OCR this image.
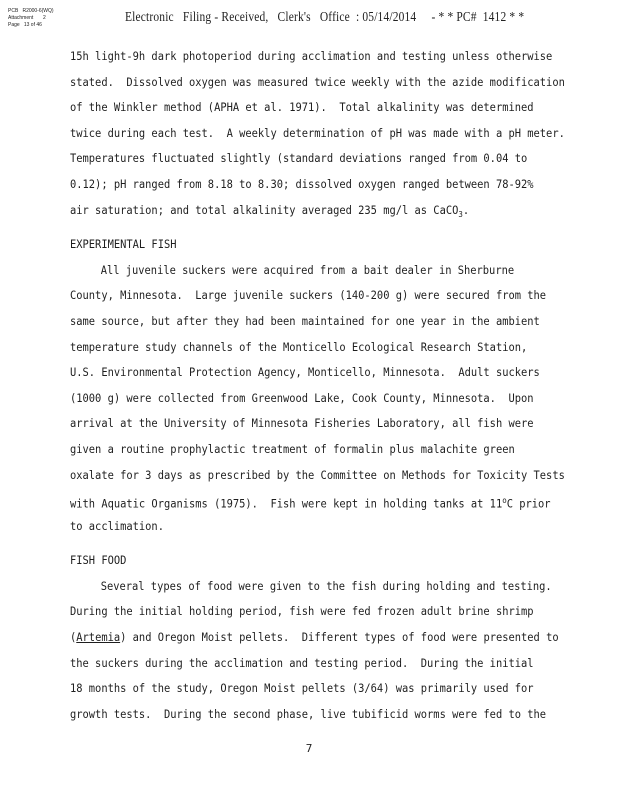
PCB R2000-6(WQ)
Attachment 2
Page 13 of 46	Electronic   Filing - Received,   Clerk's   Office  : 05/14/2014     - * * PC#  1412 * *
15h light-9h dark photoperiod during acclimation and testing unless otherwise
stated.  Dissolved oxygen was measured twice weekly with the azide modification
of the Winkler method (APHA et al. 1971).  Total alkalinity was determined
twice during each test.  A weekly determination of pH was made with a pH meter.
Temperatures fluctuated slightly (standard deviations ranged from 0.04 to
0.12); pH ranged from 8.18 to 8.30; dissolved oxygen ranged between 78-92%
air saturation; and total alkalinity averaged 235 mg/l as CaCO$_3$.
EXPERIMENTAL FISH
All juvenile suckers were acquired from a bait dealer in Sherburne
County, Minnesota.  Large juvenile suckers (140-200 g) were secured from the
same source, but after they had been maintained for one year in the ambient
temperature study channels of the Monticello Ecological Research Station,
U.S. Environmental Protection Agency, Monticello, Minnesota.  Adult suckers
(1000 g) were collected from Greenwood Lake, Cook County, Minnesota.  Upon
arrival at the University of Minnesota Fisheries Laboratory, all fish were
given a routine prophylactic treatment of formalin plus malachite green
oxalate for 3 days as prescribed by the Committee on Methods for Toxicity Tests
with Aquatic Organisms (1975).  Fish were kept in holding tanks at 11$^o$C prior
to acclimation.
FISH FOOD
Several types of food were given to the fish during holding and testing.
During the initial holding period, fish were fed frozen adult brine shrimp
(Artemia) and Oregon Moist pellets.  Different types of food were presented to
the suckers during the acclimation and testing period.  During the initial
18 months of the study, Oregon Moist pellets (3/64) was primarily used for
growth tests.  During the second phase, live tubificid worms were fed to the
7
